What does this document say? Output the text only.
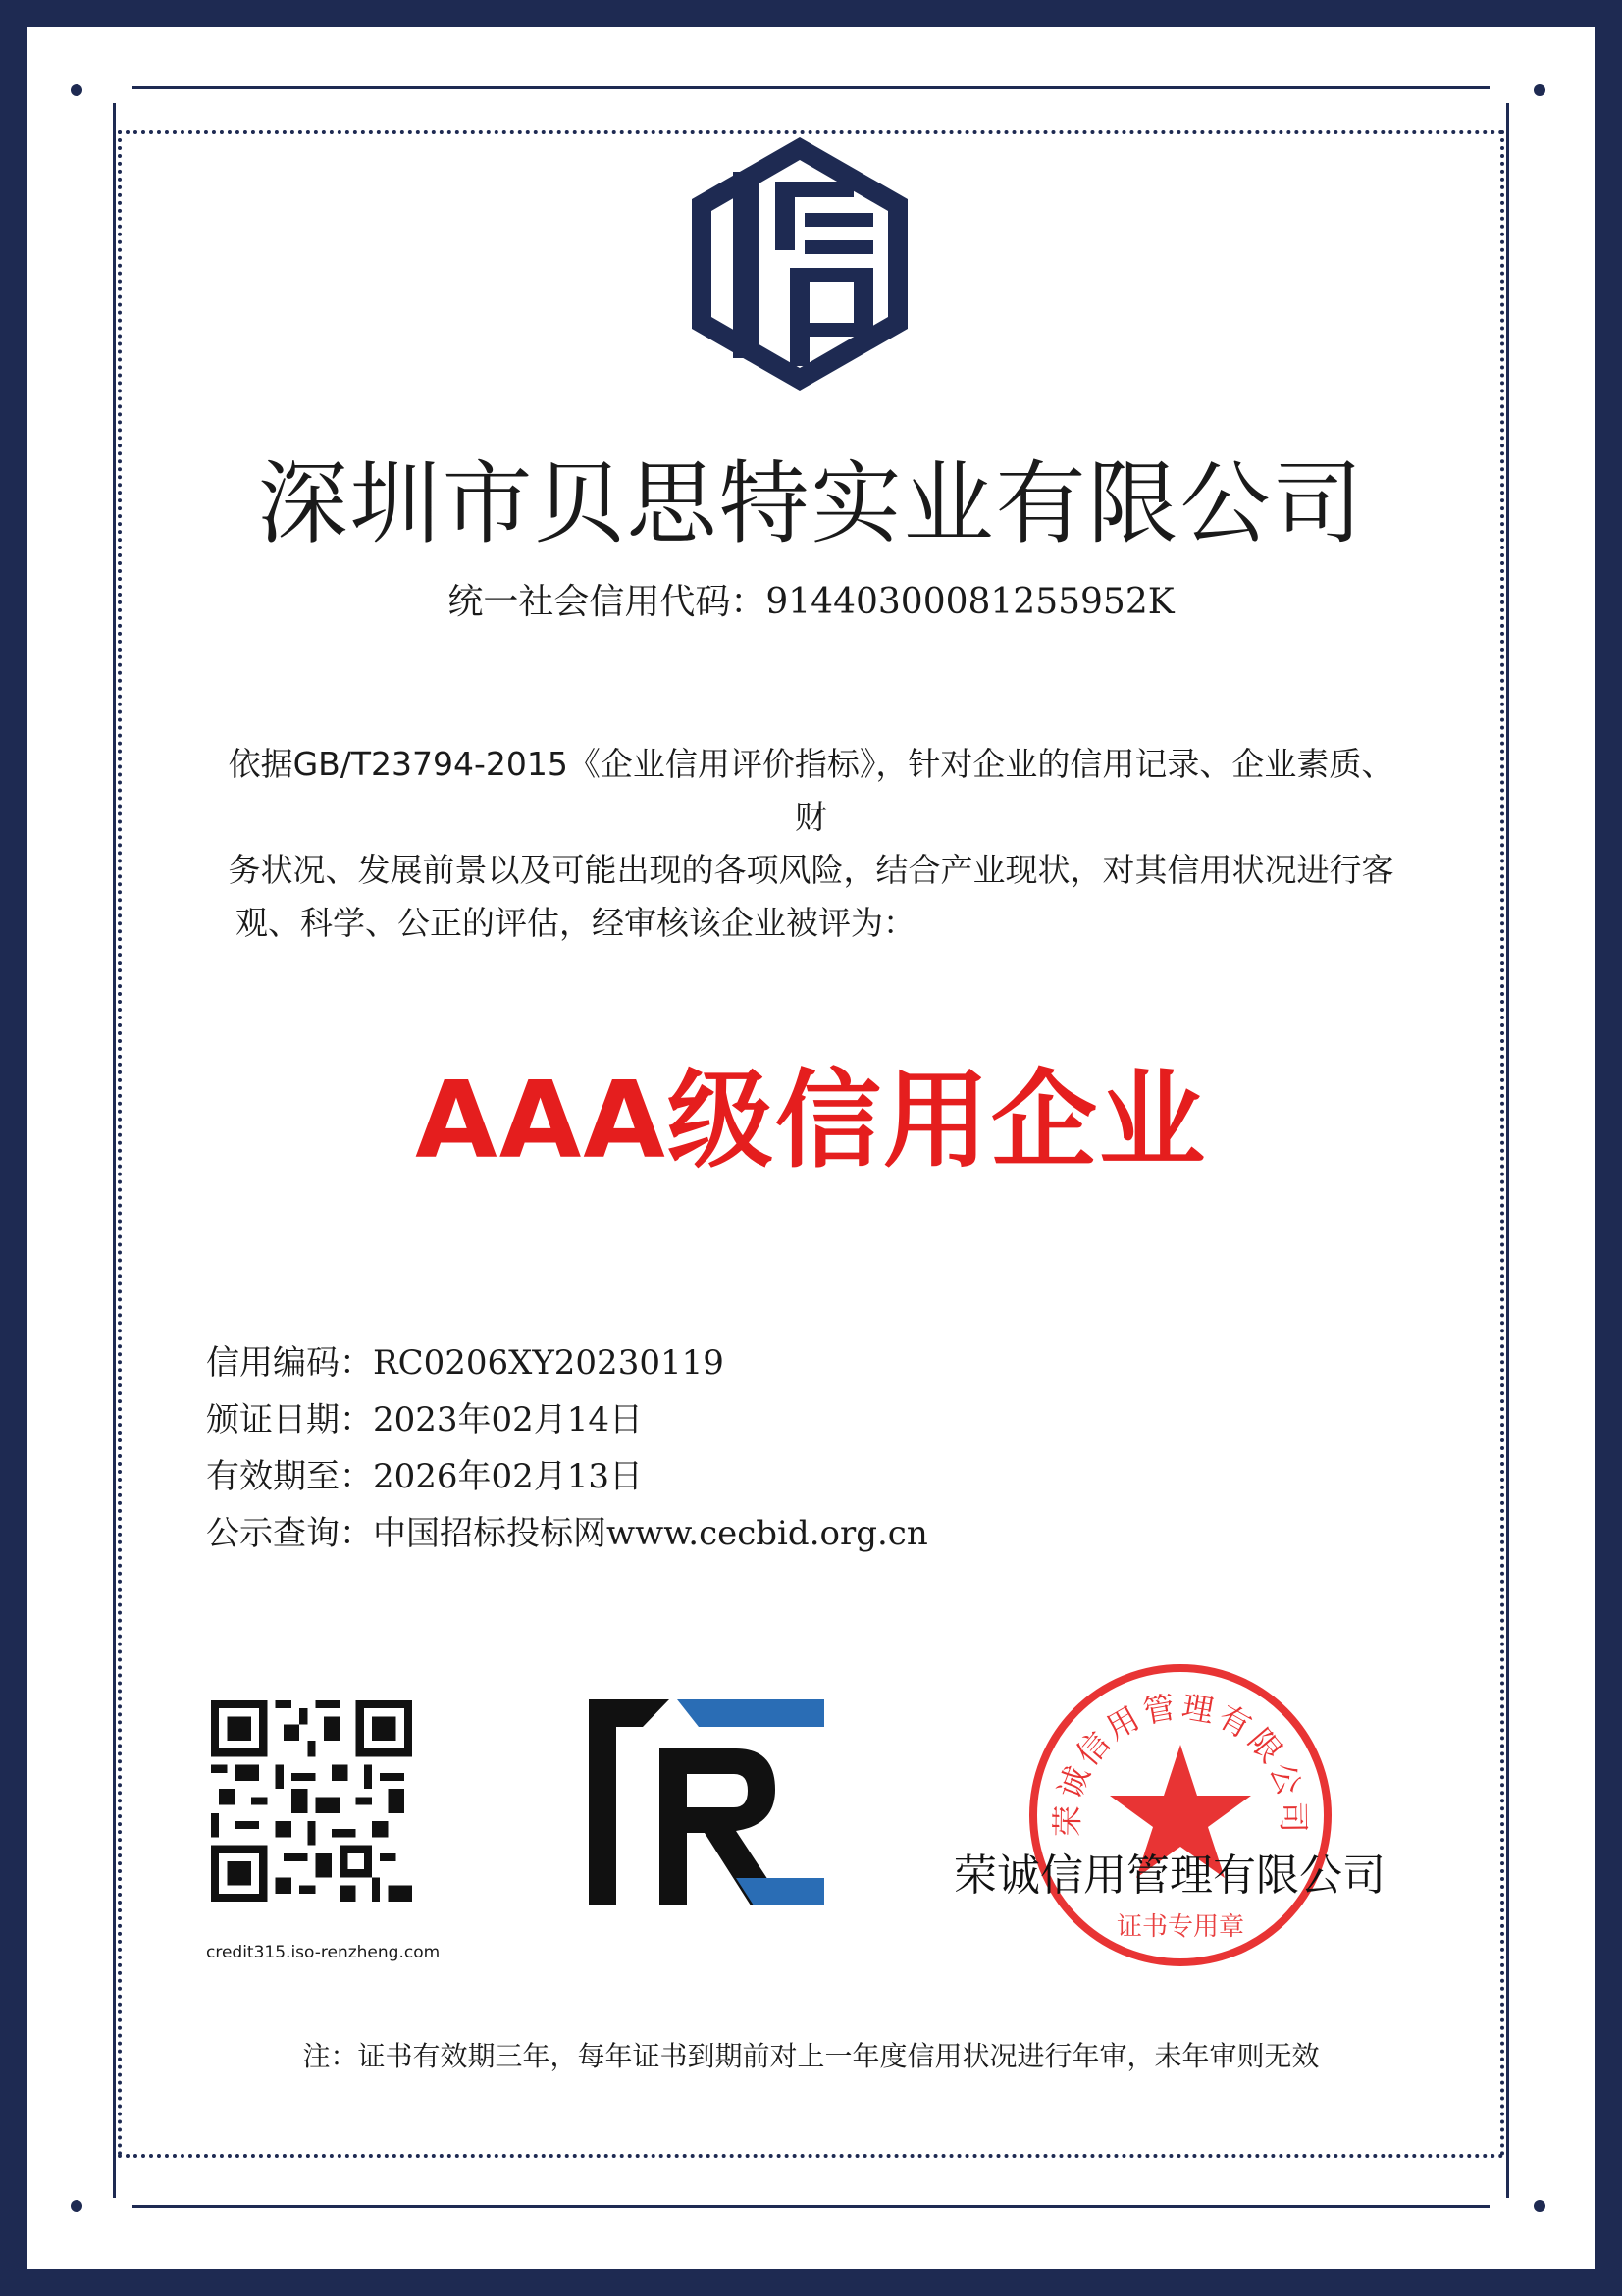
深圳市贝思特实业有限公司
统一社会信用代码：91440300081255952K
依据GB/T23794-2015《企业信用评价指标》，针对企业的信用记录、企业素质、财
务状况、发展前景以及可能出现的各项风险，结合产业现状，对其信用状况进行客
观、科学、公正的评估，经审核该企业被评为：
AAA级信用企业
信用编码：RC0206XY20230119
颁证日期：2023年02月14日
有效期至：2026年02月13日
公示查询：中国招标投标网www.cecbid.org.cn
credit315.iso-renzheng.com
荣诚信用管理有限公司
证书专用章
荣诚信用管理有限公司
注：证书有效期三年，每年证书到期前对上一年度信用状况进行年审，未年审则无效
